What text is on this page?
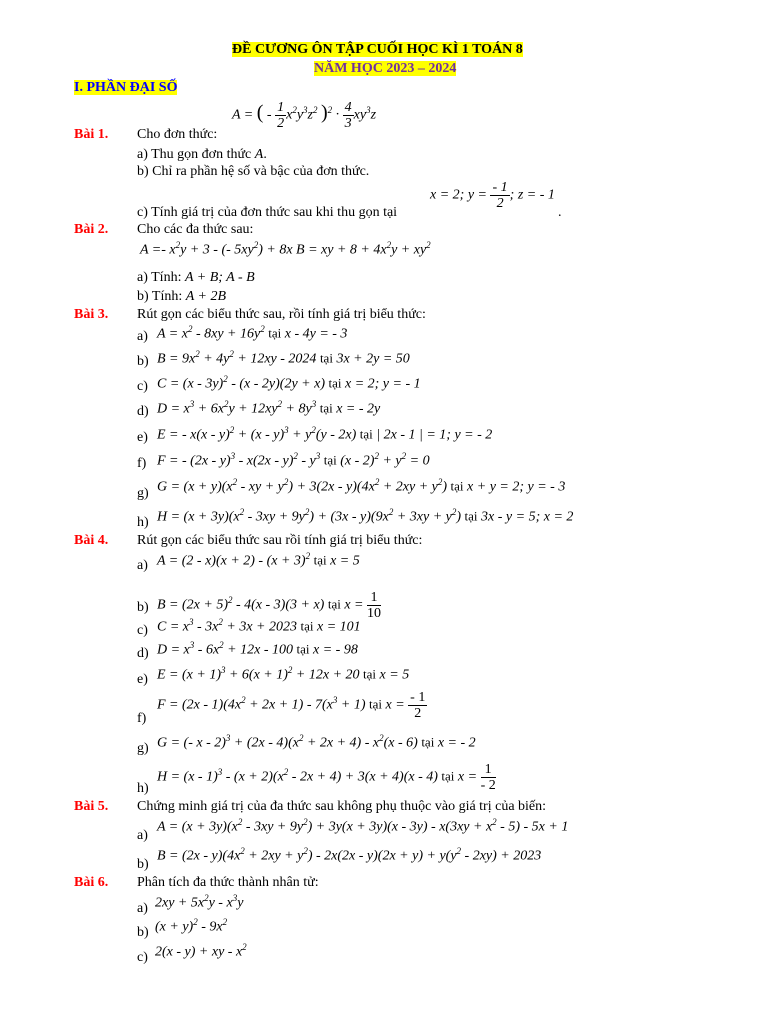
ĐỀ CƯƠNG ÔN TẬP CUỐI HỌC KÌ 1 TOÁN 8
NĂM HỌC 2023 – 2024
I. PHẦN ĐẠI SỐ
A = ( - $\frac{1}{2} x^2y^3z^2$ )$^2 \cdot \frac{4}{3} xy^3z$
Bài 1. Cho đơn thức:
a) Thu gọn đơn thức A.
b) Chỉ ra phần hệ số và bậc của đơn thức.
x = 2; $y = \frac{- 1}{2}$ ; z = - 1
c) Tính giá trị của đơn thức sau khi thu gọn tại	.
Bài 2. Cho các đa thức sau:
$A =- x^2y + 3$ - (- $5xy^2) + 8x$ B = xy + $8 + 4x^2y + xy^2$
a) Tính: A + B; A - B
b) Tính: A + 2B
Bài 3. Rút gọn các biểu thức sau, rồi tính giá trị biểu thức:
a) $A = x^2 - 8xy + 16y^2$ tại x - 4y = - 3
b) $B = 9x^2 + 4y^2 + 12xy - 2024$ tại 3x + 2y = 50
c) C = (x - 3y)$^2$ - (x - 2y)(2y + x) tại x = 2; y = - 1
d) $D = x^3 + 6x^2y + 12xy^2 + 8y^3$ tại x = - 2y
e) E = - $x(x - y)^2 + (x - y)^3 + y^2(y - 2x)$ tại | 2x - 1 | = 1; y = - 2
f) F = - $(2x - y)^3 - x(2x - y)^2 - y^3$ tại $(x - 2)^2 + y^2 = 0$
g) $G = (x + y)(x^2$ - xy + $y^2) + 3(2x - y)(4x^2 + 2xy + y^2)$ tại x + y = 2; y = - 3
h) $H = (x + 3y)(x^2 - 3xy + 9y^2) + (3x - y)(9x^2 + 3xy + y^2)$ tại 3x - y = 5; x = 2
Bài 4. Rút gọn các biểu thức sau rồi tính giá trị biểu thức:
a) $A = (2 - x)(x + 2) - (x + 3)^2$ tại x = 5
b) $B = (2x + 5)^2 - 4(x - 3)(3 + x)$ tại $x = \frac{1}{10}$
c) $C = x^3 - 3x^2 + 3x + 2023$ tại x = 101
d) $D = x^3 - 6x^2 + 12x - 100$ tại x = - 98
e) $E = (x + 1)^3 + 6(x + 1)^2 + 12x + 20$ tại x = 5
f)
$F = (2x - 1)(4x^2 + 2x + 1) - 7(x^3 + 1)$ tại $x = \frac{- 1}{2}$
g) G = (- $x - 2)^3 + (2x - 4)(x^2 + 2x + 4) - x^2(x - 6)$ tại x = - 2
h)
$H = (x - 1)^3 - (x + 2)(x^2 - 2x + 4) + 3(x + 4)(x - 4)$ tại $x = \frac{1}{- 2}$
Bài 5. Chứng minh giá trị của đa thức sau không phụ thuộc vào giá trị của biến:
a)
$A = (x + 3y)(x^2 - 3xy + 9y^2) + 3y(x + 3y)(x - 3y) - x(3xy + x^2 - 5) - 5x + 1$
b)
$B = (2x - y)(4x^2 + 2xy + y^2) - 2x(2x - y)(2x + y) + y(y^2 - 2xy) + 2023$
Bài 6. Phân tích đa thức thành nhân tử:
a) $2xy + 5x^2y - x^3y$
b) $(x + y)^2 - 9x^2$
c) 2(x - y) + xy - $x^2$
